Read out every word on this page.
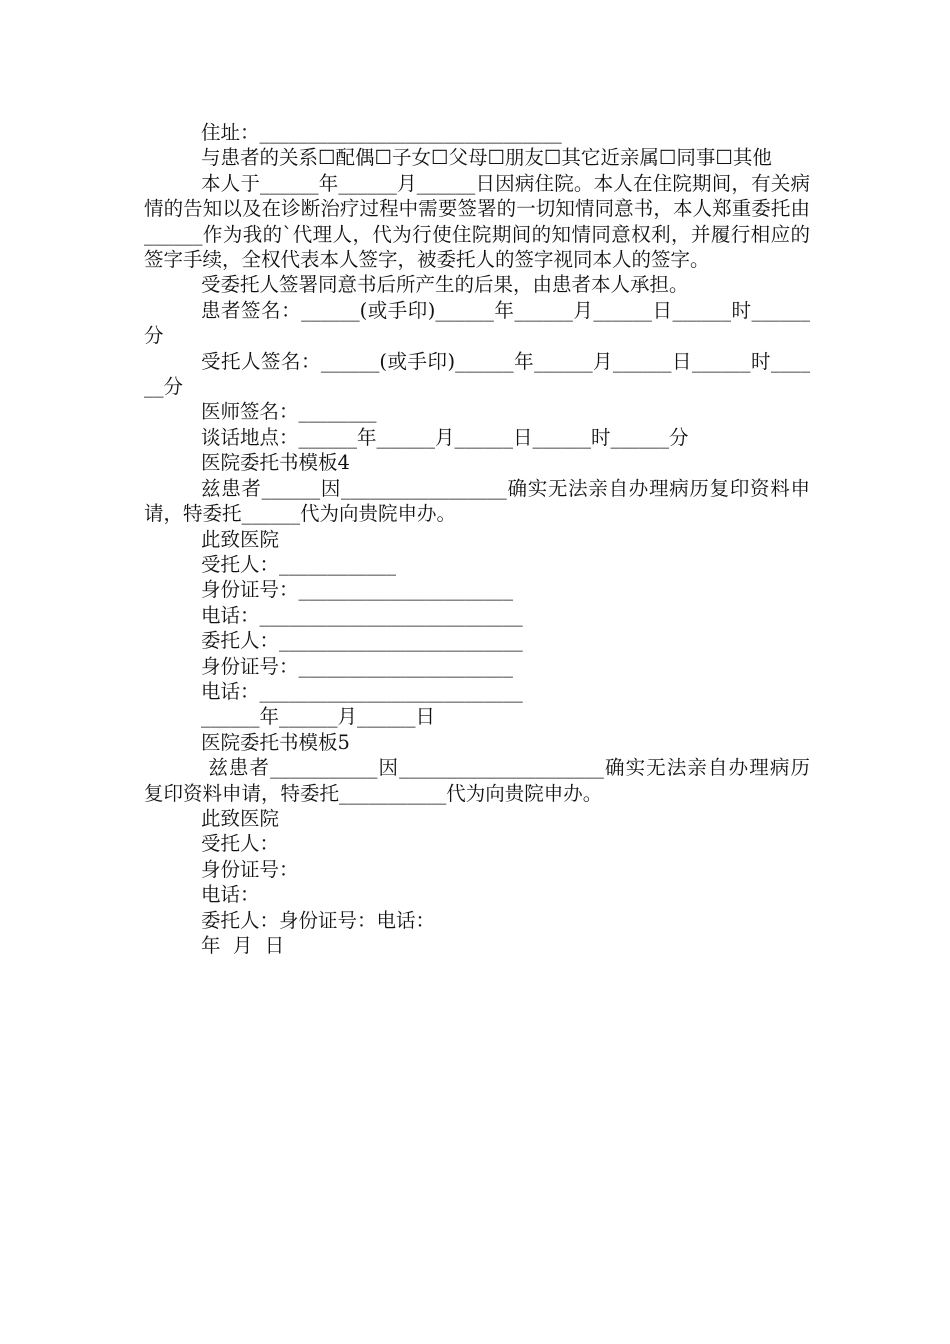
住址：_______________________________

与患者的关系☐配偶☐子女☐父母☐朋友☐其它近亲属☐同事☐其他

本人于______年______月______日因病住院。本人在住院期间，有关病情的告知以及在诊断治疗过程中需要签署的一切知情同意书，本人郑重委托由______作为我的`代理人，代为行使住院期间的知情同意权利，并履行相应的签字手续，全权代表本人签字，被委托人的签字视同本人的签字。

受委托人签署同意书后所产生的后果，由患者本人承担。

患者签名：______(或手印)______年______月______日______时______分

受托人签名：______(或手印)______年______月______日______时______分

医师签名：________

谈话地点：______年______月______日______时______分

医院委托书模板4

兹患者______因_________________确实无法亲自办理病历复印资料申请，特委托______代为向贵院申办。

此致医院

受托人：____________

身份证号：______________________

电话：___________________________

委托人：_________________________

身份证号：______________________

电话：___________________________

______年______月______日

医院委托书模板5

兹患者___________因_____________________确实无法亲自办理病历复印资料申请，特委托___________代为向贵院申办。

此致医院

受托人：

身份证号：

电话：

委托人：身份证号：电话：

年  月  日
